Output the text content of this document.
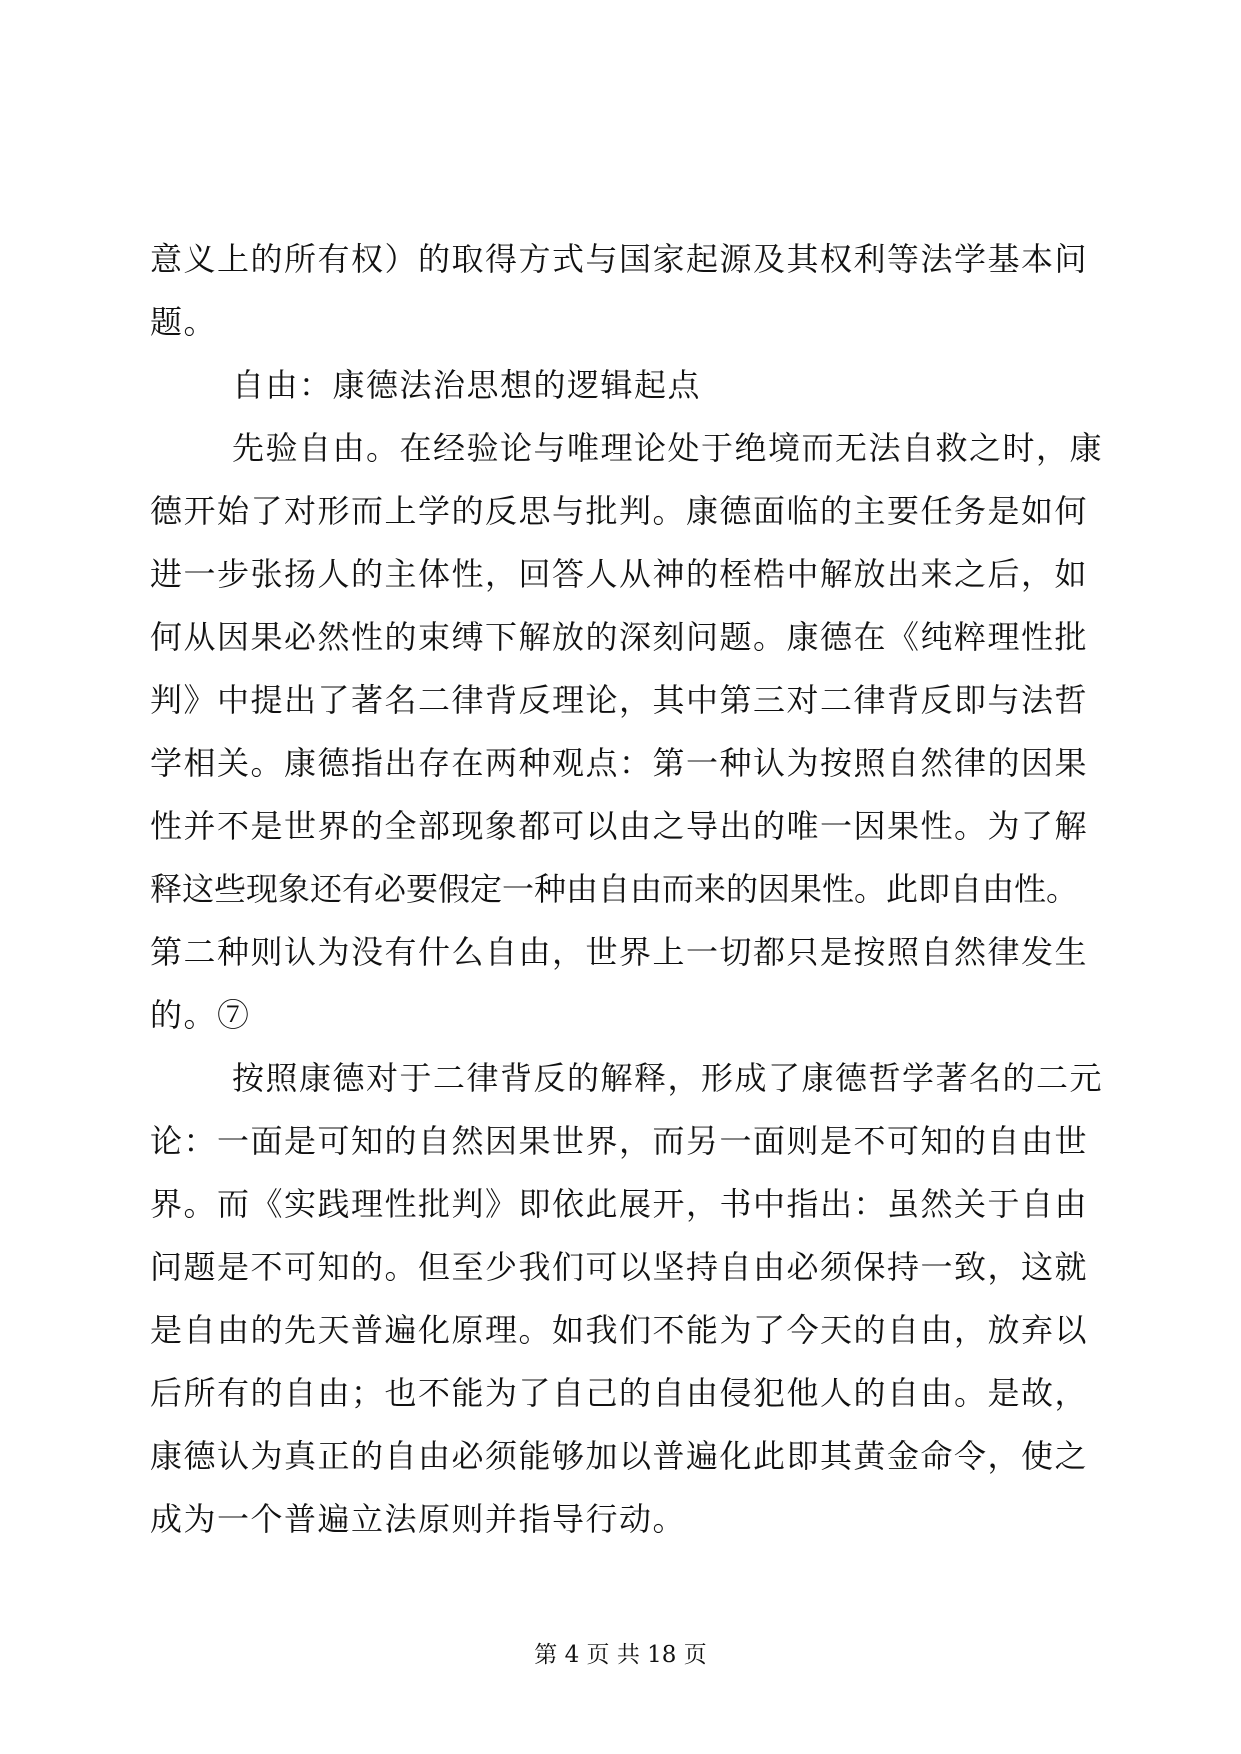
意义上的所有权）的取得方式与国家起源及其权利等法学基本问
题。
自由：康德法治思想的逻辑起点
先验自由。在经验论与唯理论处于绝境而无法自救之时，康
德开始了对形而上学的反思与批判。康德面临的主要任务是如何
进一步张扬人的主体性，回答人从神的桎梏中解放出来之后，如
何从因果必然性的束缚下解放的深刻问题。康德在《纯粹理性批
判》中提出了著名二律背反理论，其中第三对二律背反即与法哲
学相关。康德指出存在两种观点：第一种认为按照自然律的因果
性并不是世界的全部现象都可以由之导出的唯一因果性。为了解
释这些现象还有必要假定一种由自由而来的因果性。此即自由性。
第二种则认为没有什么自由，世界上一切都只是按照自然律发生
的。⑦
按照康德对于二律背反的解释，形成了康德哲学著名的二元
论：一面是可知的自然因果世界，而另一面则是不可知的自由世
界。而《实践理性批判》即依此展开，书中指出：虽然关于自由
问题是不可知的。但至少我们可以坚持自由必须保持一致，这就
是自由的先天普遍化原理。如我们不能为了今天的自由，放弃以
后所有的自由；也不能为了自己的自由侵犯他人的自由。是故，
康德认为真正的自由必须能够加以普遍化此即其黄金命令，使之
成为一个普遍立法原则并指导行动。
第 4 页 共 18 页
